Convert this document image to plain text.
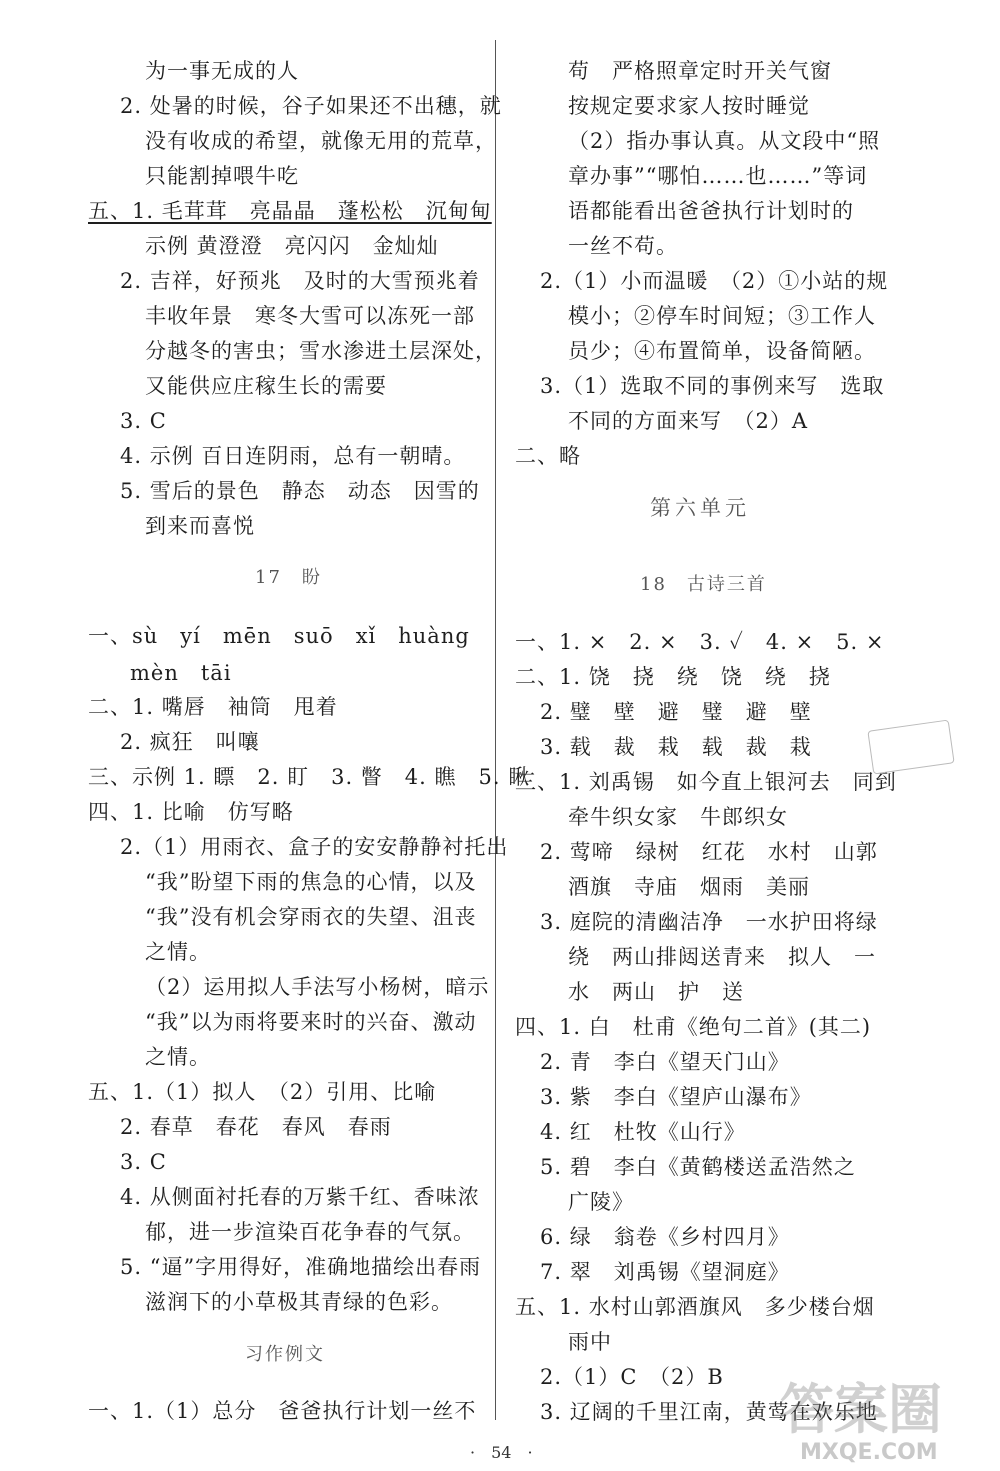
为一事无成的人
2. 处暑的时候，谷子如果还不出穗，就
没有收成的希望，就像无用的荒草，
只能割掉喂牛吃
五、1. 毛茸茸　亮晶晶　蓬松松　沉甸甸
示例 黄澄澄　亮闪闪　金灿灿
2. 吉祥，好预兆　及时的大雪预兆着
丰收年景　寒冬大雪可以冻死一部
分越冬的害虫；雪水渗进土层深处，
又能供应庄稼生长的需要
3. C
4. 示例 百日连阴雨，总有一朝晴。
5. 雪后的景色　静态　动态　因雪的
到来而喜悦
17　盼
一、sù　yí　mēn　suō　xǐ　huàng
mèn　tāi
二、1. 嘴唇　袖筒　甩着
2. 疯狂　叫嚷
三、示例 1. 瞟　2. 盯　3. 瞥　4. 瞧　5. 瞅
四、1. 比喻　仿写略
2.（1）用雨衣、盒子的安安静静衬托出
“我”盼望下雨的焦急的心情，以及
“我”没有机会穿雨衣的失望、沮丧
之情。
（2）运用拟人手法写小杨树，暗示
“我”以为雨将要来时的兴奋、激动
之情。
五、1.（1）拟人　（2）引用、比喻
2. 春草　春花　春风　春雨
3. C
4. 从侧面衬托春的万紫千红、香味浓
郁，进一步渲染百花争春的气氛。
5. “逼”字用得好，准确地描绘出春雨
滋润下的小草极其青绿的色彩。
习作例文
一、1.（1）总分　爸爸执行计划一丝不
苟　严格照章定时开关气窗
按规定要求家人按时睡觉
（2）指办事认真。从文段中“照
章办事”“哪怕……也……”等词
语都能看出爸爸执行计划时的
一丝不苟。
2.（1）小而温暖　（2）①小站的规
模小；②停车时间短；③工作人
员少；④布置简单，设备简陋。
3.（1）选取不同的事例来写　选取
不同的方面来写　（2）A
二、略
第六单元
18　古诗三首
一、1. ×　2. ×　3. ✓　4. ×　5. ×
二、1. 饶　挠　绕　饶　绕　挠
2. 璧　壁　避　璧　避　壁
3. 载　裁　栽　载　裁　栽
三、1. 刘禹锡　如今直上银河去　同到
牵牛织女家　牛郎织女
2. 莺啼　绿树　红花　水村　山郭
酒旗　寺庙　烟雨　美丽
3. 庭院的清幽洁净　一水护田将绿
绕　两山排闼送青来　拟人　一
水　两山　护　送
四、1. 白　杜甫《绝句二首》(其二)
2. 青　李白《望天门山》
3. 紫　李白《望庐山瀑布》
4. 红　杜牧《山行》
5. 碧　李白《黄鹤楼送孟浩然之
广陵》
6. 绿　翁卷《乡村四月》
7. 翠　刘禹锡《望洞庭》
五、1. 水村山郭酒旗风　多少楼台烟
雨中
2.（1）C　（2）B
3. 辽阔的千里江南，黄莺在欢乐地
·　54　·
答案圈
MXQE.COM
